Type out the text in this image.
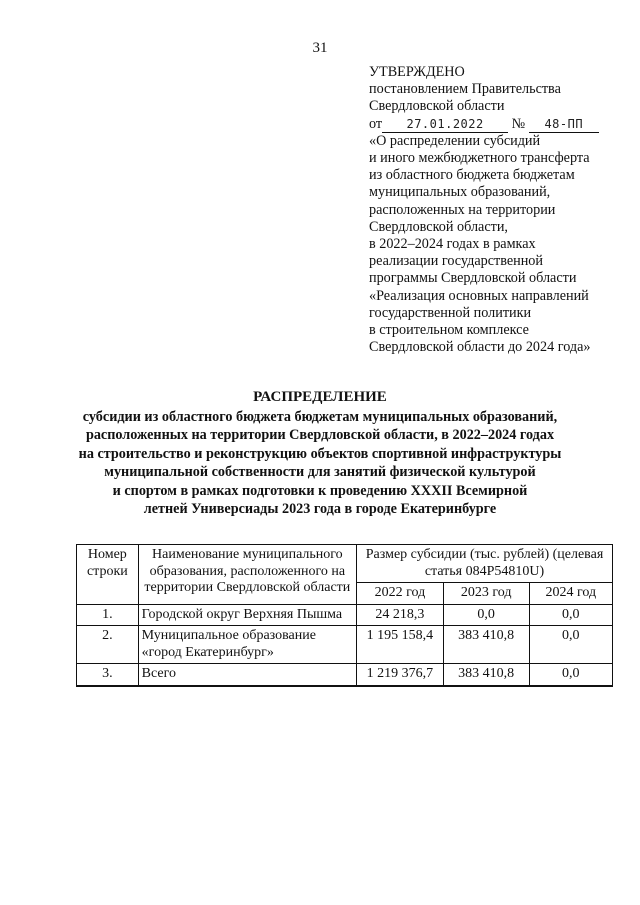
31
УТВЕРЖДЕНО
постановлением Правительства
Свердловской области
от 27.01.2022 № 48-ПП
«О распределении субсидий
и иного межбюджетного трансферта
из областного бюджета бюджетам
муниципальных образований,
расположенных на территории
Свердловской области,
в 2022–2024 годах в рамках
реализации государственной
программы Свердловской области
«Реализация основных направлений
государственной политики
в строительном комплексе
Свердловской области до 2024 года»
РАСПРЕДЕЛЕНИЕ
субсидии из областного бюджета бюджетам муниципальных образований,
расположенных на территории Свердловской области, в 2022–2024 годах
на строительство и реконструкцию объектов спортивной инфраструктуры
муниципальной собственности для занятий физической культурой
и спортом в рамках подготовки к проведению XXXII Всемирной
летней Универсиады 2023 года в городе Екатеринбурге
Номер строки	Наименование муниципального образования, расположенного на территории Свердловской области	Размер субсидии (тыс. рублей) (целевая статья 084P54810U)		
		2022 год	2023 год	2024 год
1.	Городской округ Верхняя Пышма	24 218,3	0,0	0,0
2.	Муниципальное образование «город Екатеринбург»	1 195 158,4	383 410,8	0,0
3.	Всего	1 219 376,7	383 410,8	0,0
